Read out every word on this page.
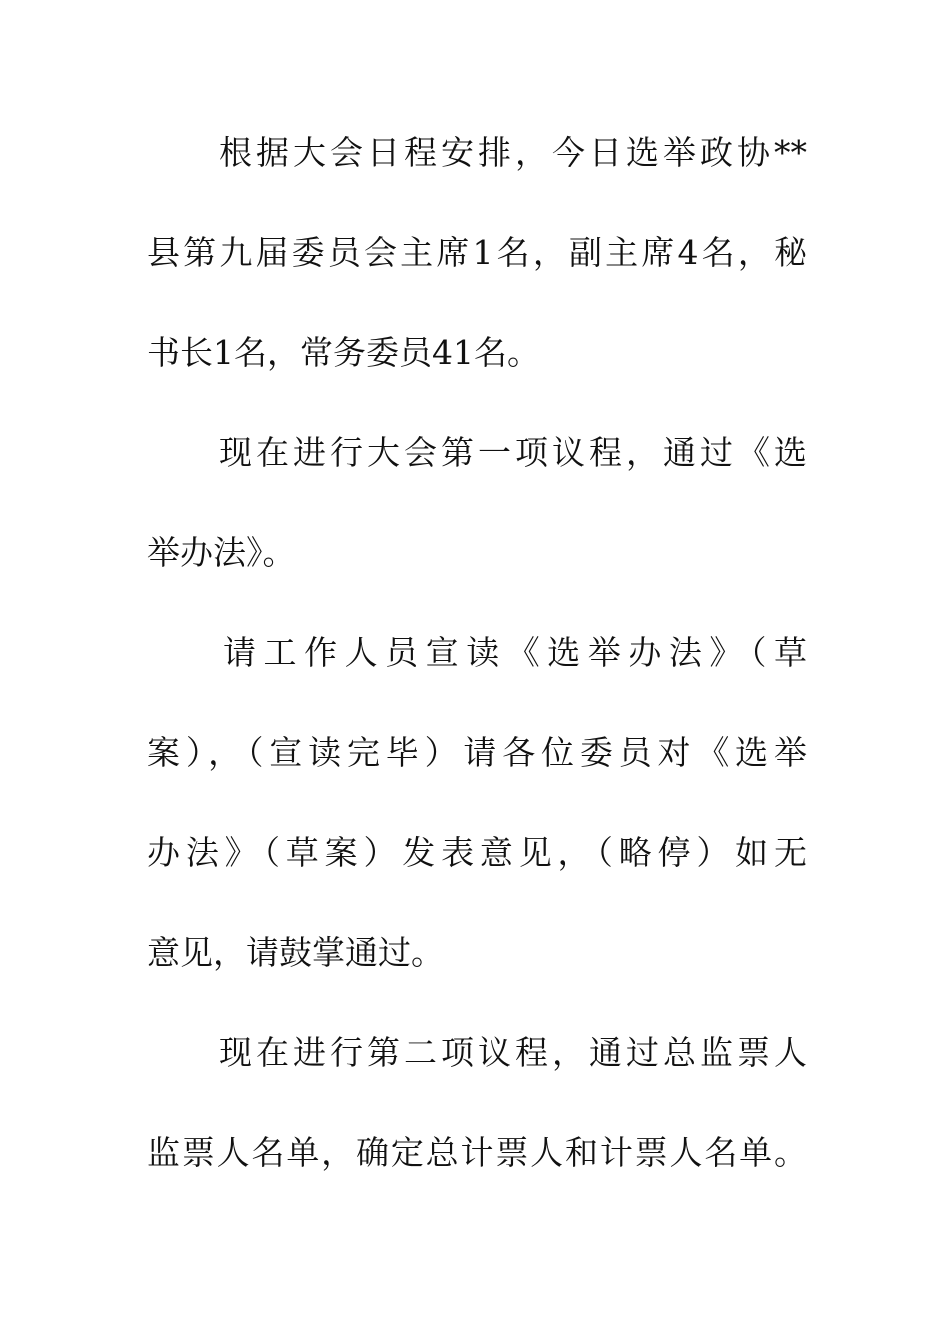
根据大会日程安排，今日选举政协**
县第九届委员会主席1名，副主席4名，秘
书长1名，常务委员41名。
现在进行大会第一项议程，通过《选
举办法》。
请工作人员宣读《选举办法》（草
案），（宣读完毕）请各位委员对《选举
办法》（草案）发表意见，（略停）如无
意见，请鼓掌通过。
现在进行第二项议程，通过总监票人
监票人名单，确定总计票人和计票人名单。
